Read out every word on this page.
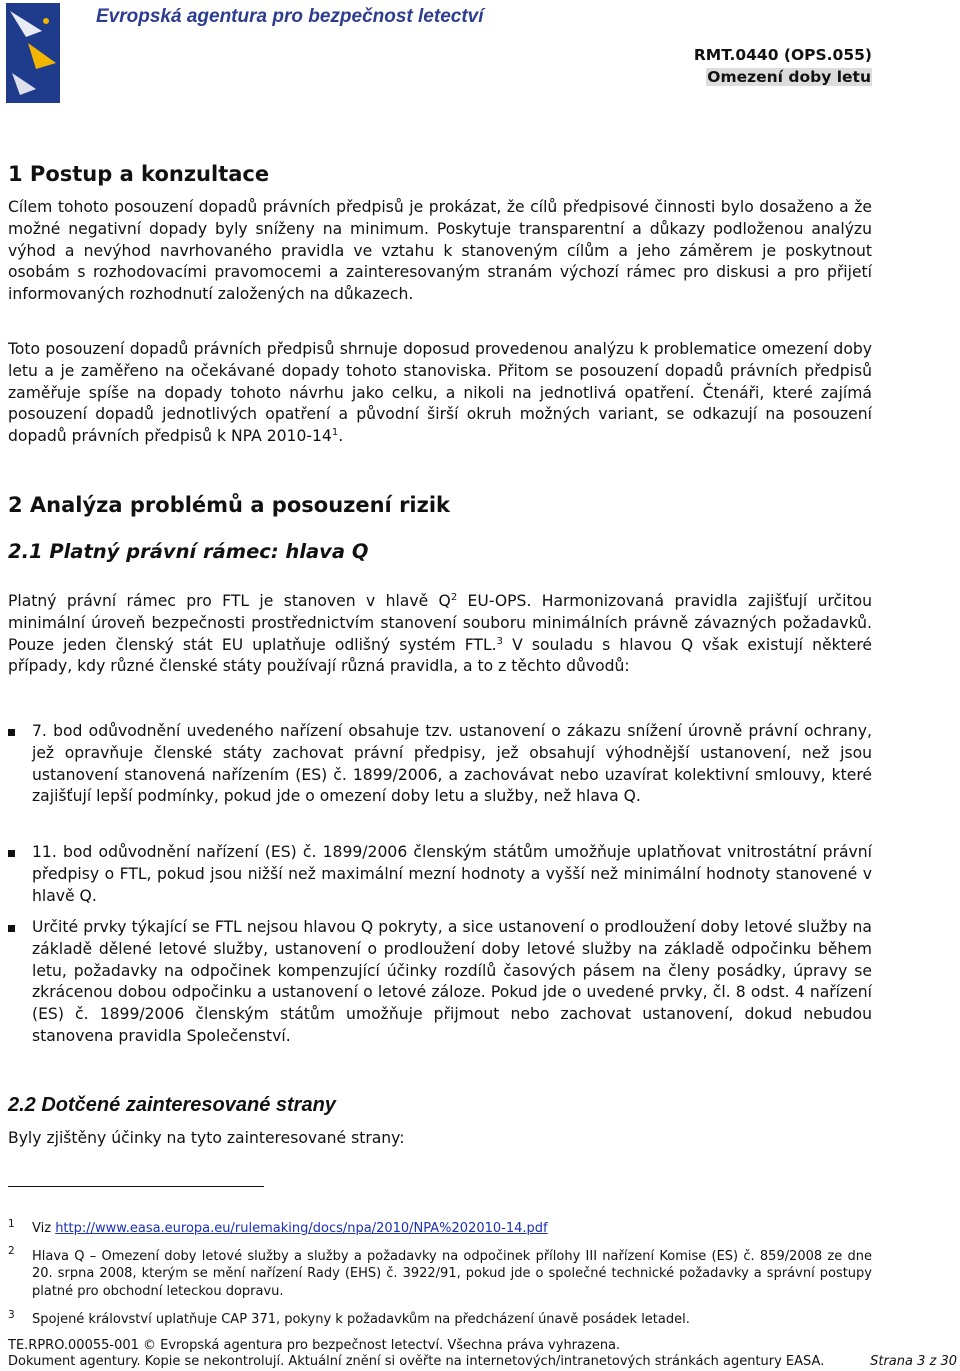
Evropská agentura pro bezpečnost letectví
RMT.0440 (OPS.055)
Omezení doby letu
1 Postup a konzultace
Cílem tohoto posouzení dopadů právních předpisů je prokázat, že cílů předpisové činnosti bylo dosaženo a že možné negativní dopady byly sníženy na minimum. Poskytuje transparentní a důkazy podloženou analýzu výhod a nevýhod navrhovaného pravidla ve vztahu k stanoveným cílům a jeho záměrem je poskytnout osobám s rozhodovacími pravomocemi a zainteresovaným stranám výchozí rámec pro diskusi a pro přijetí informovaných rozhodnutí založených na důkazech.
Toto posouzení dopadů právních předpisů shrnuje doposud provedenou analýzu k problematice omezení doby letu a je zaměřeno na očekávané dopady tohoto stanoviska. Přitom se posouzení dopadů právních předpisů zaměřuje spíše na dopady tohoto návrhu jako celku, a nikoli na jednotlivá opatření. Čtenáři, které zajímá posouzení dopadů jednotlivých opatření a původní širší okruh možných variant, se odkazují na posouzení dopadů právních předpisů k NPA $2010-14^1$.
2 Analýza problémů a posouzení rizik
2.1 Platný právní rámec: hlava Q
Platný právní rámec pro FTL je stanoven v hlavě $Q^2$ EU-OPS. Harmonizovaná pravidla zajišťují určitou minimální úroveň bezpečnosti prostřednictvím stanovení souboru minimálních právně závazných požadavků. Pouze jeden členský stát EU uplatňuje odlišný systém FTL.$^3$ V souladu s hlavou Q však existují některé případy, kdy různé členské státy používají různá pravidla, a to z těchto důvodů:
7. bod odůvodnění uvedeného nařízení obsahuje tzv. ustanovení o zákazu snížení úrovně právní ochrany, jež opravňuje členské státy zachovat právní předpisy, jež obsahují výhodnější ustanovení, než jsou ustanovení stanovená nařízením (ES) č. 1899/2006, a zachovávat nebo uzavírat kolektivní smlouvy, které zajišťují lepší podmínky, pokud jde o omezení doby letu a služby, než hlava Q.
11. bod odůvodnění nařízení (ES) č. 1899/2006 členským státům umožňuje uplatňovat vnitrostátní právní předpisy o FTL, pokud jsou nižší než maximální mezní hodnoty a vyšší než minimální hodnoty stanovené v hlavě Q.
Určité prvky týkající se FTL nejsou hlavou Q pokryty, a sice ustanovení o prodloužení doby letové služby na základě dělené letové služby, ustanovení o prodloužení doby letové služby na základě odpočinku během letu, požadavky na odpočinek kompenzující účinky rozdílů časových pásem na členy posádky, úpravy se zkrácenou dobou odpočinku a ustanovení o letové záloze. Pokud jde o uvedené prvky, čl. 8 odst. 4 nařízení (ES) č. 1899/2006 členským státům umožňuje přijmout nebo zachovat ustanovení, dokud nebudou stanovena pravidla Společenství.
2.2 Dotčené zainteresované strany
Byly zjištěny účinky na tyto zainteresované strany:
1 Viz http://www.easa.europa.eu/rulemaking/docs/npa/2010/NPA%202010-14.pdf
2 Hlava Q – Omezení doby letové služby a služby a požadavky na odpočinek přílohy III nařízení Komise (ES) č. 859/2008 ze dne 20. srpna 2008, kterým se mění nařízení Rady (EHS) č. 3922/91, pokud jde o společné technické požadavky a správní postupy platné pro obchodní leteckou dopravu.
3 Spojené království uplatňuje CAP 371, pokyny k požadavkům na předcházení únavě posádek letadel.
TE.RPRO.00055-001 © Evropská agentura pro bezpečnost letectví. Všechna práva vyhrazena.
Dokument agentury. Kopie se nekontrolují. Aktuální znění si ověřte na internetových/intranetových stránkách agentury EASA.	Strana 3 z 30
